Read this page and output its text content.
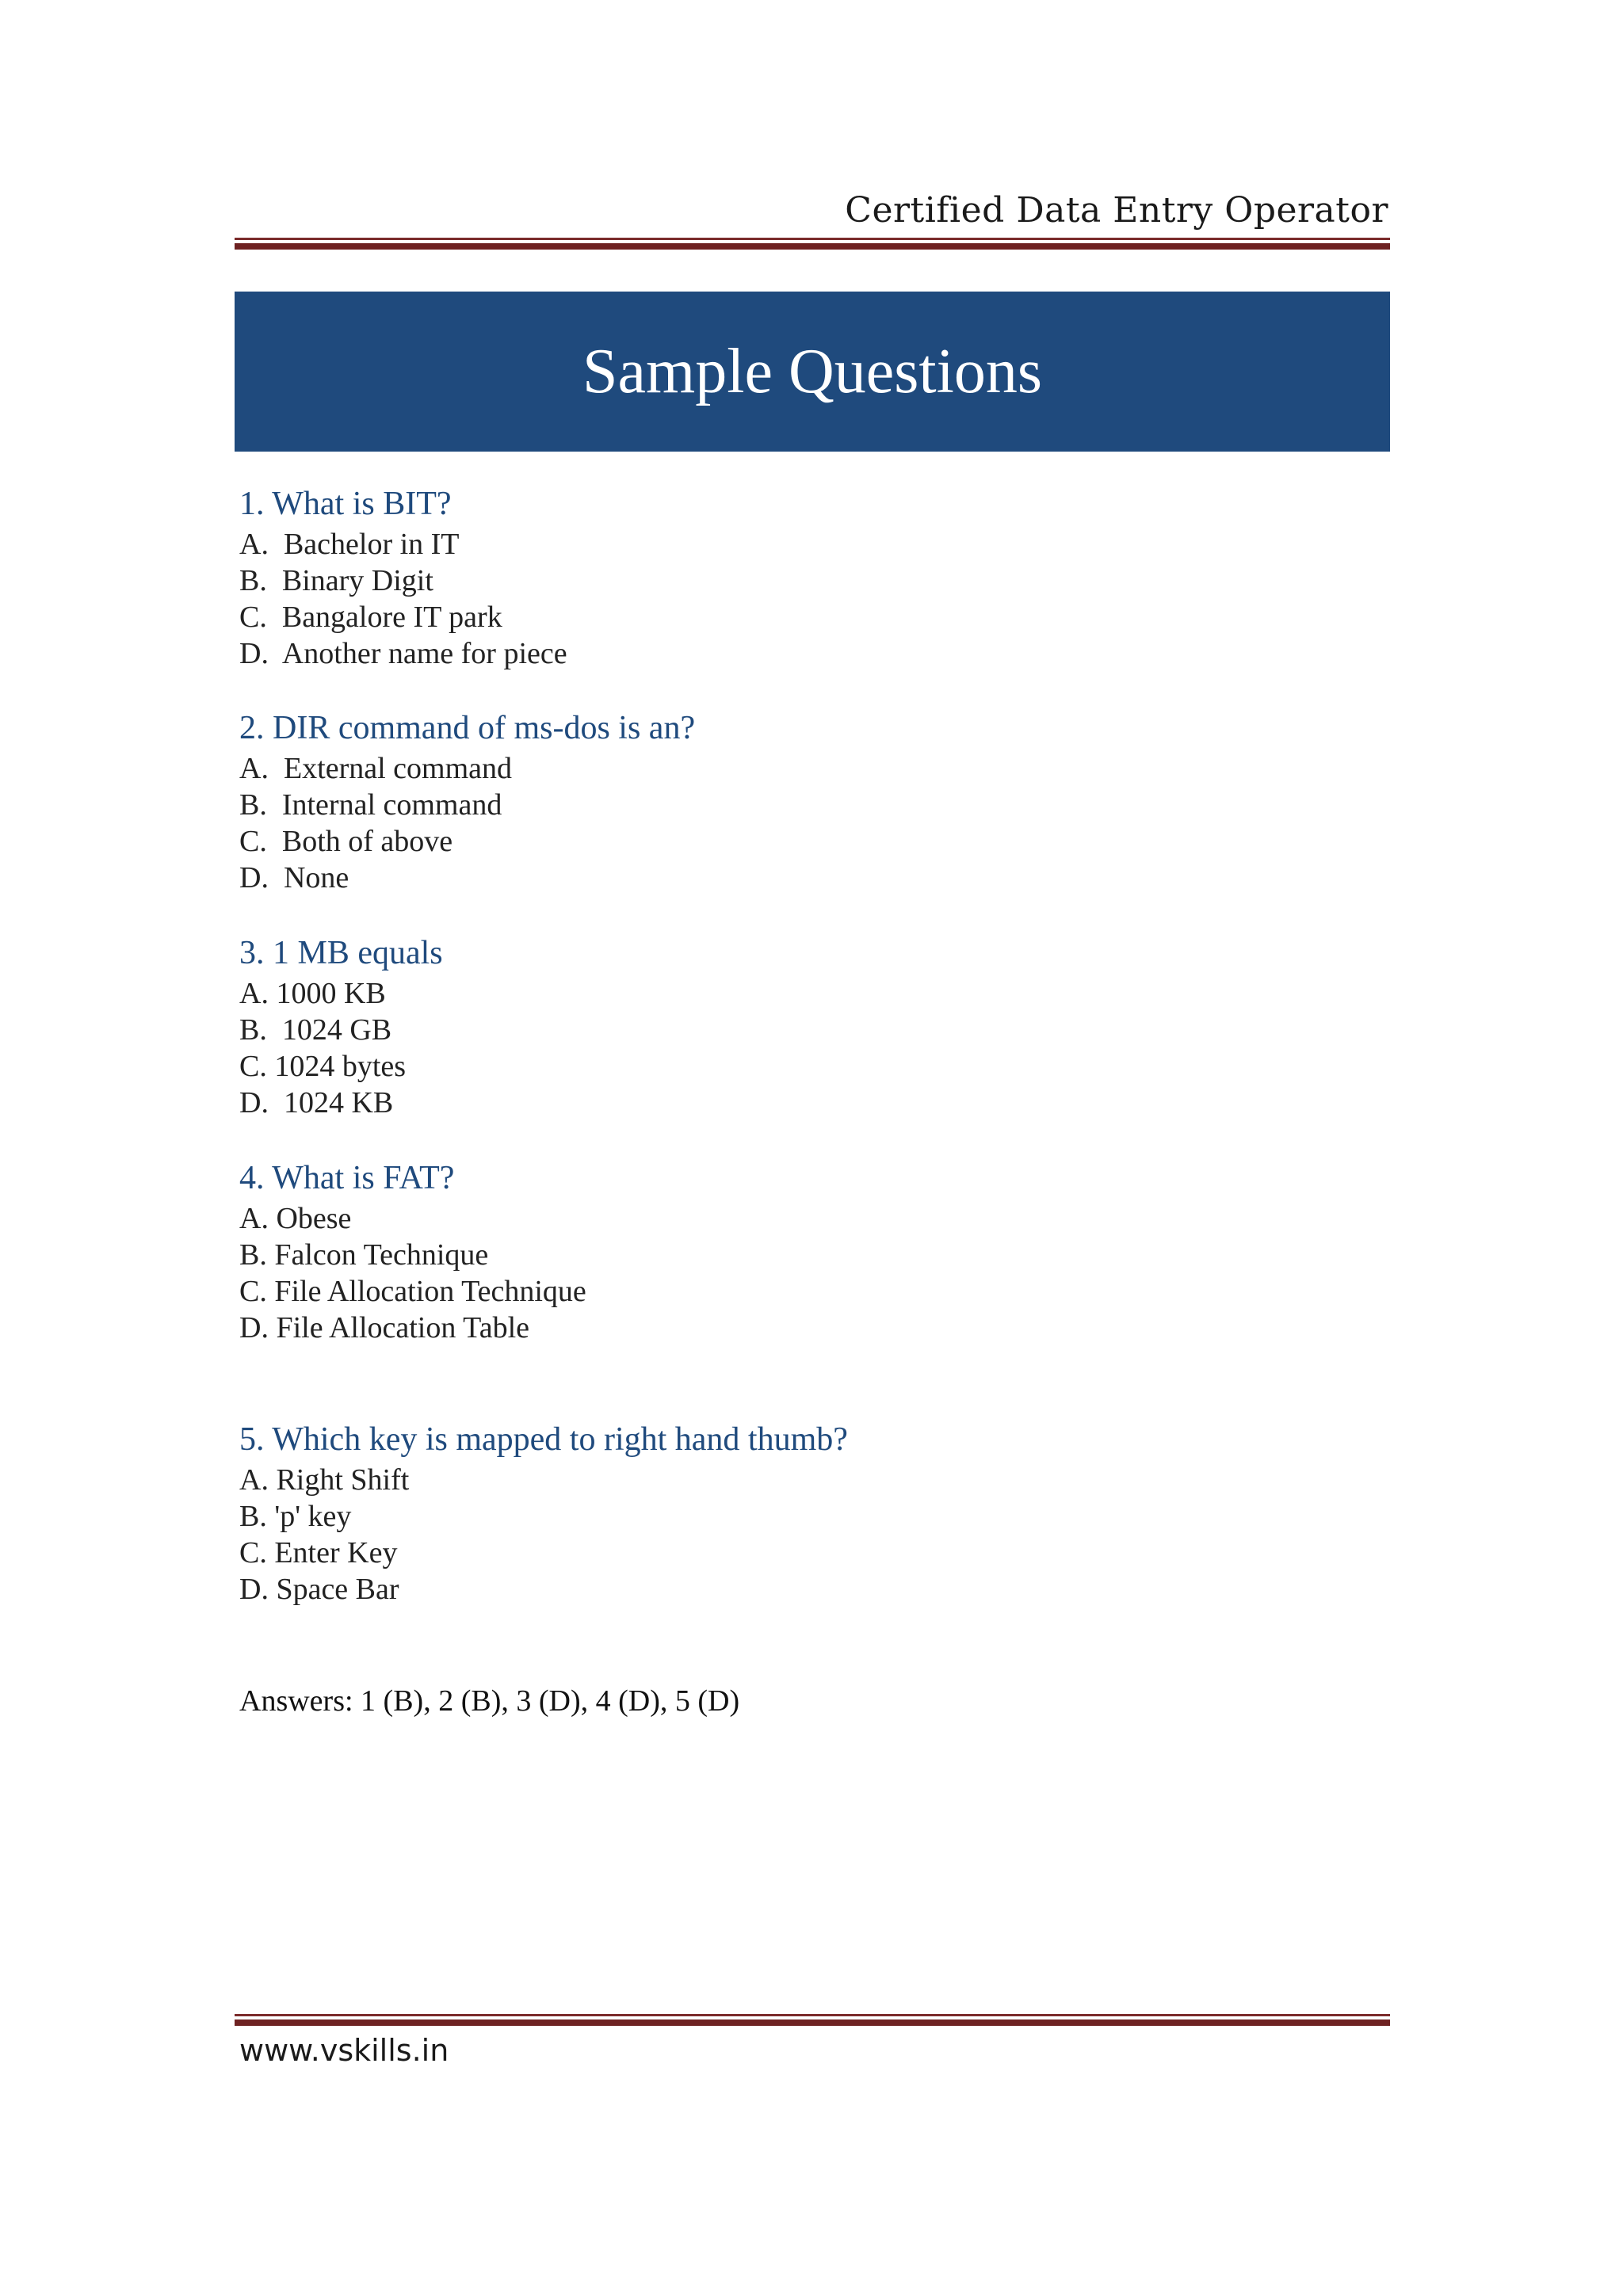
Certified Data Entry Operator
Sample Questions
1. What is BIT?
A.  Bachelor in IT
B.  Binary Digit
C.  Bangalore IT park
D.  Another name for piece
2. DIR command of ms-dos is an?
A.  External command
B.  Internal command
C.  Both of above
D.  None
3. 1 MB equals
A. 1000 KB
B.  1024 GB
C. 1024 bytes
D.  1024 KB
4. What is FAT?
A. Obese
B. Falcon Technique
C. File Allocation Technique
D. File Allocation Table
5. Which key is mapped to right hand thumb?
A. Right Shift
B. 'p' key
C. Enter Key
D. Space Bar
Answers: 1 (B), 2 (B), 3 (D), 4 (D), 5 (D)
www.vskills.in
